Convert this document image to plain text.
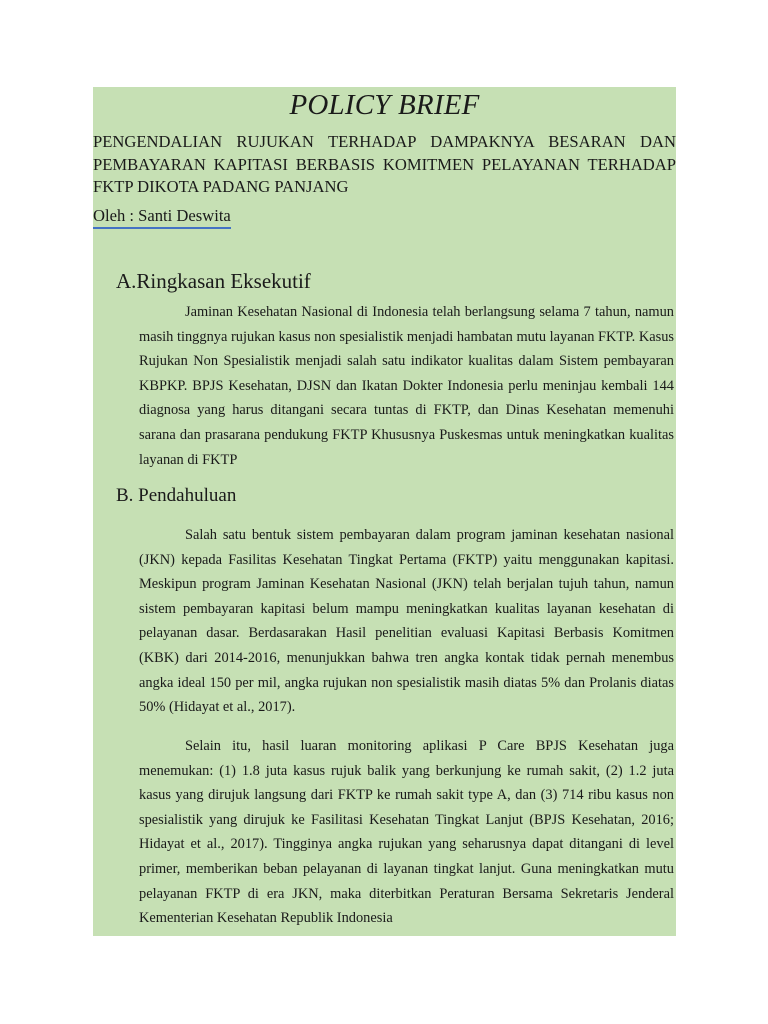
POLICY BRIEF
PENGENDALIAN RUJUKAN TERHADAP DAMPAKNYA BESARAN DAN PEMBAYARAN KAPITASI BERBASIS KOMITMEN PELAYANAN TERHADAP FKTP DIKOTA PADANG PANJANG
Oleh : Santi Deswita
A.Ringkasan Eksekutif

Jaminan Kesehatan Nasional di Indonesia telah berlangsung selama 7 tahun, namun masih tinggnya rujukan kasus non spesialistik menjadi hambatan mutu layanan FKTP. Kasus Rujukan Non Spesialistik menjadi salah satu indikator kualitas dalam Sistem pembayaran KBPKP. BPJS Kesehatan, DJSN dan Ikatan Dokter Indonesia perlu meninjau kembali 144 diagnosa yang harus ditangani secara tuntas di FKTP, dan Dinas Kesehatan memenuhi sarana dan prasarana pendukung FKTP Khususnya Puskesmas untuk meningkatkan kualitas layanan di FKTP

B. Pendahuluan

Salah satu bentuk sistem pembayaran dalam program jaminan kesehatan nasional (JKN) kepada Fasilitas Kesehatan Tingkat Pertama (FKTP) yaitu menggunakan kapitasi. Meskipun program Jaminan Kesehatan Nasional (JKN) telah berjalan tujuh tahun, namun sistem pembayaran kapitasi belum mampu meningkatkan kualitas layanan kesehatan di pelayanan dasar. Berdasarakan Hasil penelitian evaluasi Kapitasi Berbasis Komitmen (KBK) dari 2014-2016, menunjukkan bahwa tren angka kontak tidak pernah menembus angka ideal 150 per mil, angka rujukan non spesialistik masih diatas 5% dan Prolanis diatas 50% (Hidayat et al., 2017).

Selain itu, hasil luaran monitoring aplikasi P Care BPJS Kesehatan juga menemukan: (1) 1.8 juta kasus rujuk balik yang berkunjung ke rumah sakit, (2) 1.2 juta kasus yang dirujuk langsung dari FKTP ke rumah sakit type A, dan (3) 714 ribu kasus non spesialistik yang dirujuk ke Fasilitasi Kesehatan Tingkat Lanjut (BPJS Kesehatan, 2016; Hidayat et al., 2017). Tingginya angka rujukan yang seharusnya dapat ditangani di level primer, memberikan beban pelayanan di layanan tingkat lanjut. Guna meningkatkan mutu pelayanan FKTP di era JKN, maka diterbitkan Peraturan Bersama Sekretaris Jenderal Kementerian Kesehatan Republik Indonesia
